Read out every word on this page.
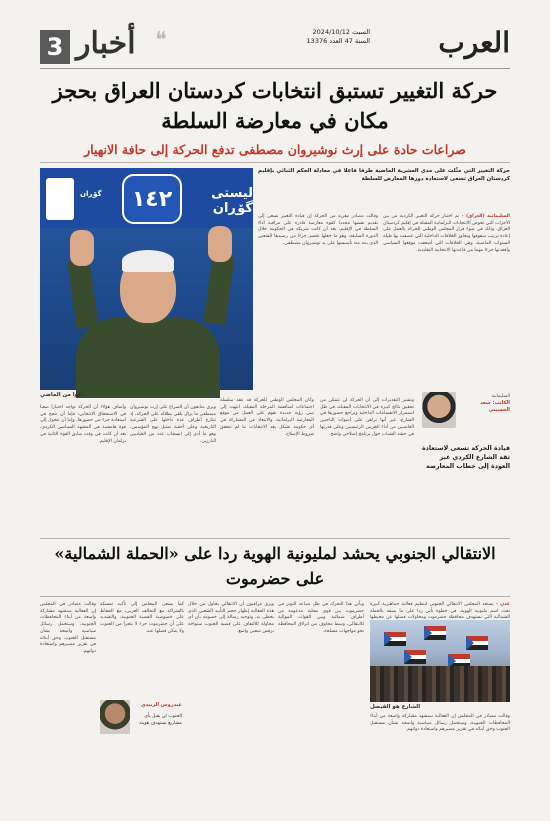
3 أخبار ❝	العرب
السبت 2024/10/12
السنة 47 العدد 13376
حركة التغيير تستبق انتخابات كردستان العراق بحجز مكان في معارضة السلطة
صراعات حادة على إرث نوشيروان مصطفى تدفع الحركة إلى حافة الانهيار
حركة التغيير التي مثّلت على مدى العشرية الماضية طرفا فاعلا في معادلة الحكم الثنائي بإقليم كردستان العراق تسعى لاستعادة دورها المعارض للسلطة
گۆڕان	١٤٢	ليستی گۆڕان
كلوا من الماضي
السليمانية (العراق) - تم اختيار حركة التغيير الكردية من بين الأحزاب التي تخوض الانتخابات البرلمانية المقبلة في إقليم كردستان العراق، وذلك في ضوء قرار المجلس الوطني للحركة بالعمل على إعادة ترتيب صفوفها وتجاوز الخلافات الداخلية التي عصفت بها طيلة السنوات الماضية، وهي الخلافات التي أضعفت موقعها السياسي وأفقدتها جزءا مهما من قاعدتها الانتخابية التقليدية.
وقالت مصادر مقربة من الحركة إن قيادة التغيير تسعى إلى تقديم نفسها مجددا كقوة معارضة قادرة على مراقبة أداء السلطة في الإقليم، بعد أن كانت شريكة في الحكومة خلال الدورة السابقة، وهو ما جعلها تخسر جزءا من رصيدها الشعبي الذي بنته منذ تأسيسها على يد نوشيروان مصطفى.
السليمانية
الكاتب: سعد الحسيني
قيادة الحركة تسعى لاستعادة ثقة الشارع الكردي عبر العودة إلى خطاب المعارضة
وتشير التقديرات إلى أن الحركة لن تتمكن من تحقيق نتائج كبيرة في الانتخابات المقبلة، في ظل استمرار الانقسامات الداخلية وتراجع حضورها في الشارع، غير أنها تراهن على أصوات الناخبين الغاضبين من أداء الحزبين الرئيسيين وعلى قدرتها في حشد الشباب حول برنامج إصلاحي واضح.
وكان المجلس الوطني للحركة قد عقد سلسلة اجتماعات لمناقشة المرحلة المقبلة، انتهت إلى تبني رؤية جديدة تقوم على العمل من موقع المعارضة البرلمانية، والابتعاد عن المشاركة في أي حكومة تشكل بعد الانتخابات ما لم تتحقق شروط الإصلاح.
ويرى متابعون أن الصراع على إرث نوشيروان مصطفى ما يزال يلقي بظلاله على الحركة، إذ تتنازع أطراف عدة داخلها على الشرعية التاريخية وعلى أحقية تمثيل نهج المؤسس، وهو ما أدى إلى انسحاب عدد من القياديين البارزين.
وأضاف هؤلاء أن الحركة تواجه اختبارا صعبا في الاستحقاق الانتخابي، فإما أن تنجح في استعادة جزء من حضورها، وإما أن تتحول إلى قوة هامشية في المشهد السياسي الكردي، بعد أن كانت في وقت سابق القوة الثانية في برلمان الإقليم.
الانتقالي الجنوبي يحشد لمليونية الهوية ردا على «الحملة الشمالية» على حضرموت
عدن - يستعد المجلس الانتقالي الجنوبي لتنظيم فعالية جماهيرية كبيرة تحت اسم مليونية الهوية، في خطوة تأتي ردا على ما يصفه بالحملة الشمالية التي تستهدف محافظة حضرموت ومحاولات فصلها عن محيطها
الشارع هو الفيصل
وقالت مصادر في المجلس إن الفعالية ستشهد مشاركة واسعة من أبناء المحافظات الجنوبية، وستحمل رسائل سياسية واضحة بشأن مستقبل الجنوب وحق أبنائه في تقرير مصيرهم واستعادة دولتهم.
ويأتي هذا التحرك في ظل تصاعد التوتر في حضرموت بين قوى محلية مدعومة من أطراف شمالية وبين القوات الموالية للانتقالي، وسط مخاوف من انزلاق المحافظة نحو مواجهات مسلحة.
ويرى مراقبون أن الانتقالي يحاول من خلال هذه الفعالية إظهار حجم التأييد الشعبي الذي يحظى به، وتوجيه رسالة إلى خصومه بأن أي محاولة للالتفاف على قضية الجنوب ستواجه برفض شعبي واسع.
كما يسعى المجلس إلى تأكيد تمسكه بالشراكة مع التحالف العربي، مع الحفاظ على خصوصية القضية الجنوبية، والتشديد على أن حضرموت جزء لا يتجزأ من الجنوب ولا يمكن فصلها عنه.
عيدروس الزبيدي
الجنوب لن يقبل بأي مشاريع تستهدف هويته
وقالت مصادر في المجلس إن الفعالية ستشهد مشاركة واسعة من أبناء المحافظات الجنوبية، وستحمل رسائل سياسية واضحة بشأن مستقبل الجنوب وحق أبنائه في تقرير مصيرهم واستعادة دولتهم.
